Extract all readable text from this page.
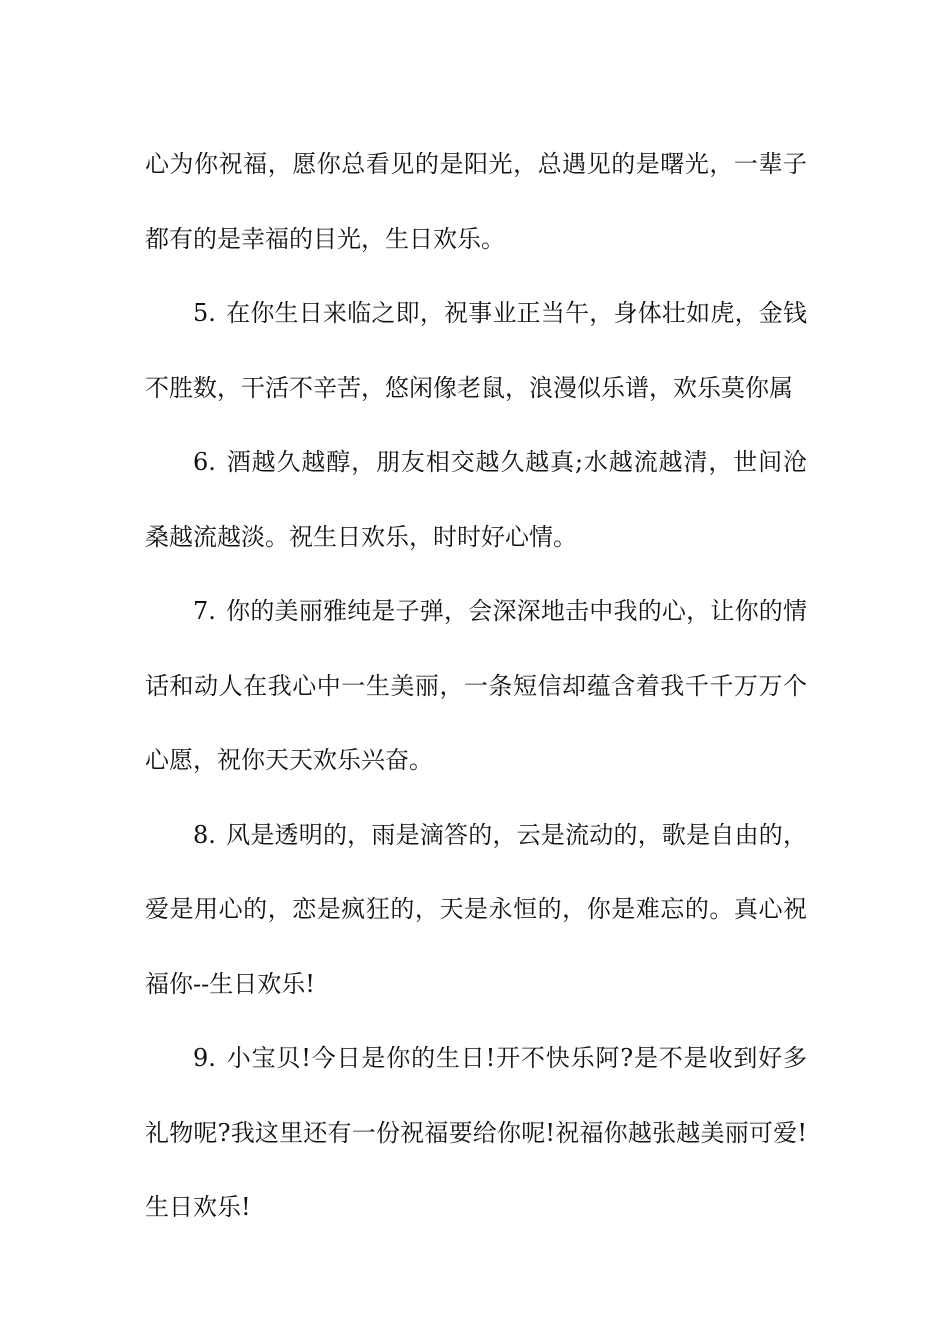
心为你祝福，愿你总看见的是阳光，总遇见的是曙光，一辈子都有的是幸福的目光，生日欢乐。

5. 在你生日来临之即，祝事业正当午，身体壮如虎，金钱不胜数，干活不辛苦，悠闲像老鼠，浪漫似乐谱，欢乐莫你属

6. 酒越久越醇，朋友相交越久越真;水越流越清，世间沧桑越流越淡。祝生日欢乐，时时好心情。

7. 你的美丽雅纯是子弹，会深深地击中我的心，让你的情话和动人在我心中一生美丽，一条短信却蕴含着我千千万万个心愿，祝你天天欢乐兴奋。

8. 风是透明的，雨是滴答的，云是流动的，歌是自由的，爱是用心的，恋是疯狂的，天是永恒的，你是难忘的。真心祝福你--生日欢乐!

9. 小宝贝!今日是你的生日!开不快乐阿?是不是收到好多礼物呢?我这里还有一份祝福要给你呢!祝福你越张越美丽可爱!生日欢乐!
